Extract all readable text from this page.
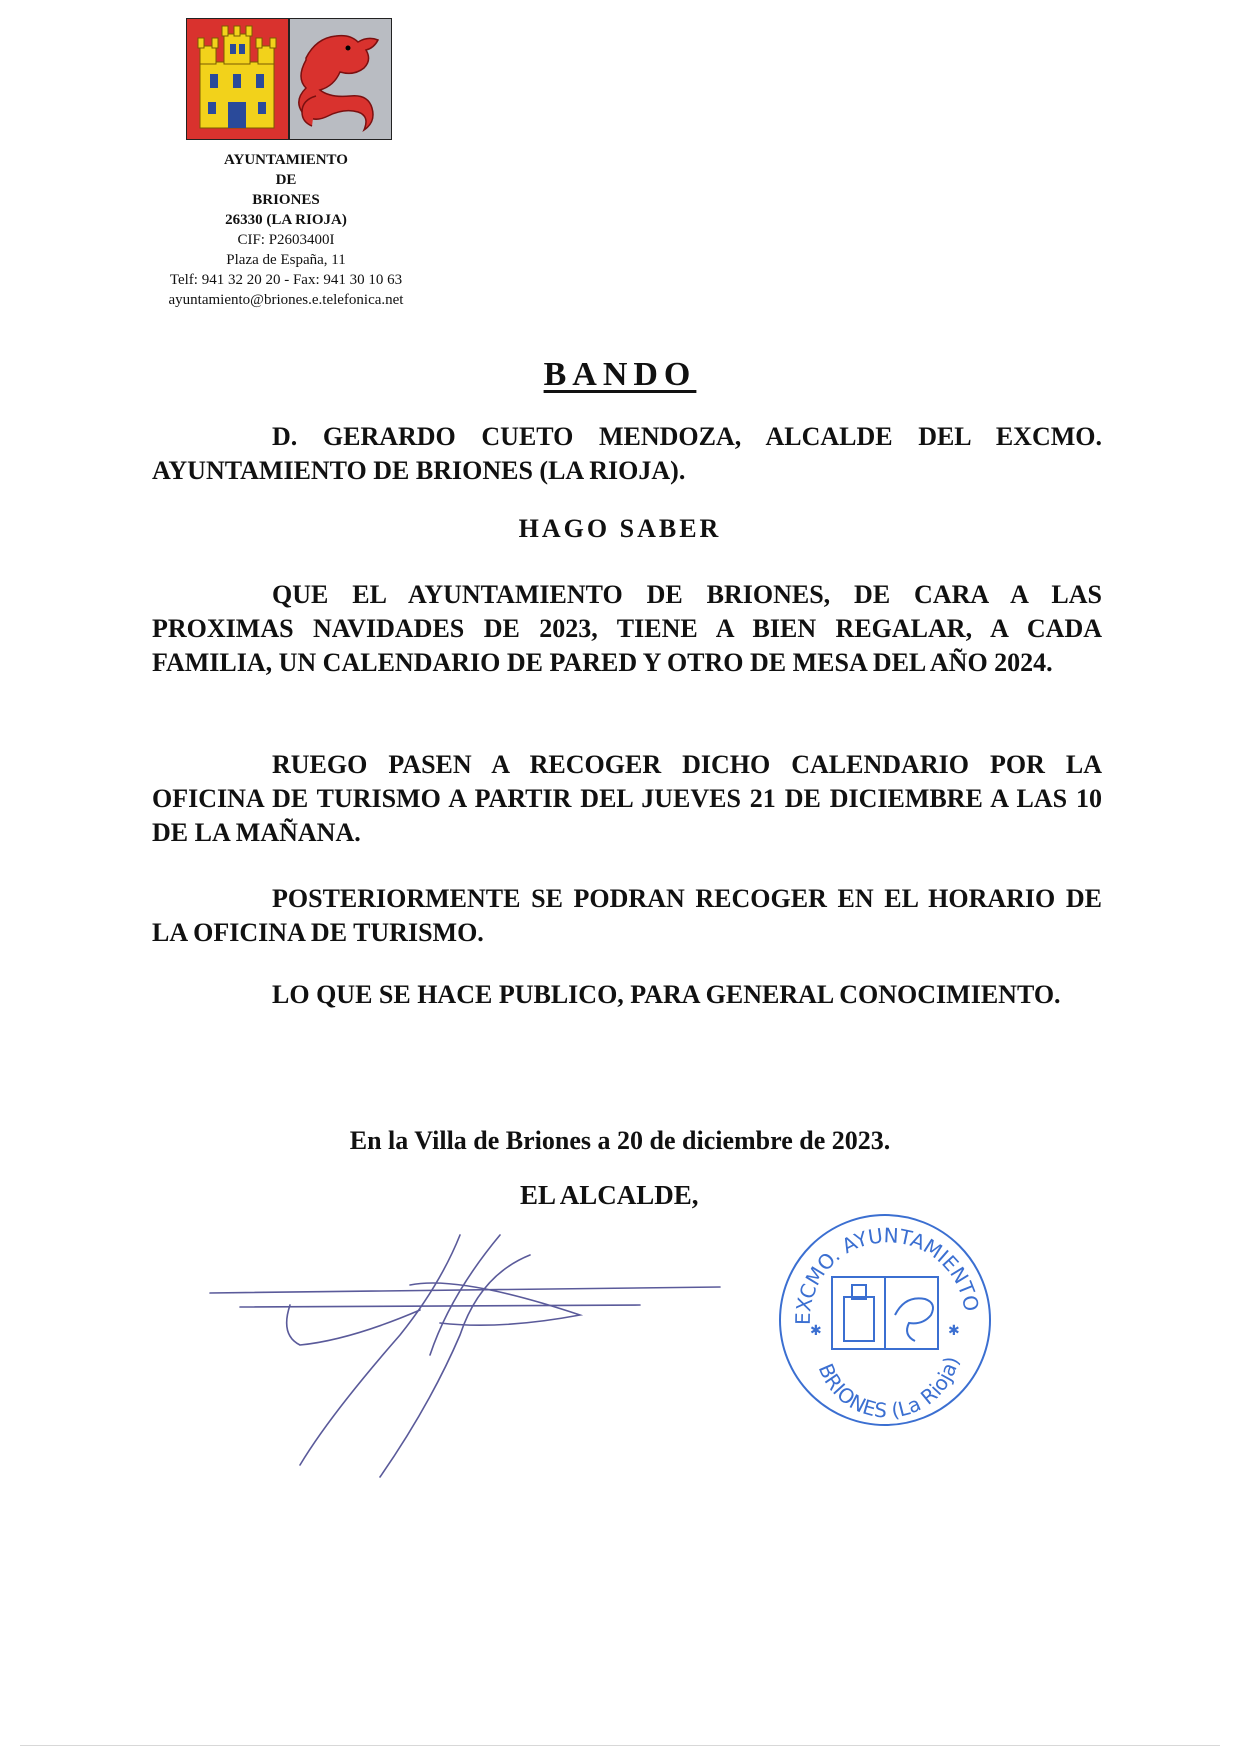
AYUNTAMIENTO
DE
BRIONES
26330 (LA RIOJA)
CIF: P2603400I
Plaza de España, 11
Telf: 941 32 20 20 - Fax: 941 30 10 63
ayuntamiento@briones.e.telefonica.net
BANDO
D. GERARDO CUETO MENDOZA, ALCALDE DEL EXCMO. AYUNTAMIENTO DE BRIONES (LA RIOJA).
HAGO SABER
QUE EL AYUNTAMIENTO DE BRIONES, DE CARA A LAS PROXIMAS NAVIDADES DE 2023, TIENE A BIEN REGALAR, A CADA FAMILIA, UN CALENDARIO DE PARED Y OTRO DE MESA DEL AÑO 2024.
RUEGO PASEN A RECOGER DICHO CALENDARIO POR LA OFICINA DE TURISMO A PARTIR DEL JUEVES 21 DE DICIEMBRE A LAS 10 DE LA MAÑANA.
POSTERIORMENTE SE PODRAN RECOGER EN EL HORARIO DE LA OFICINA DE TURISMO.
LO QUE SE HACE PUBLICO, PARA GENERAL CONOCIMIENTO.
En la Villa de Briones a 20 de diciembre de 2023.
EL ALCALDE,
EXCMO. AYUNTAMIENTO
BRIONES (La Rioja)
✱	✱
